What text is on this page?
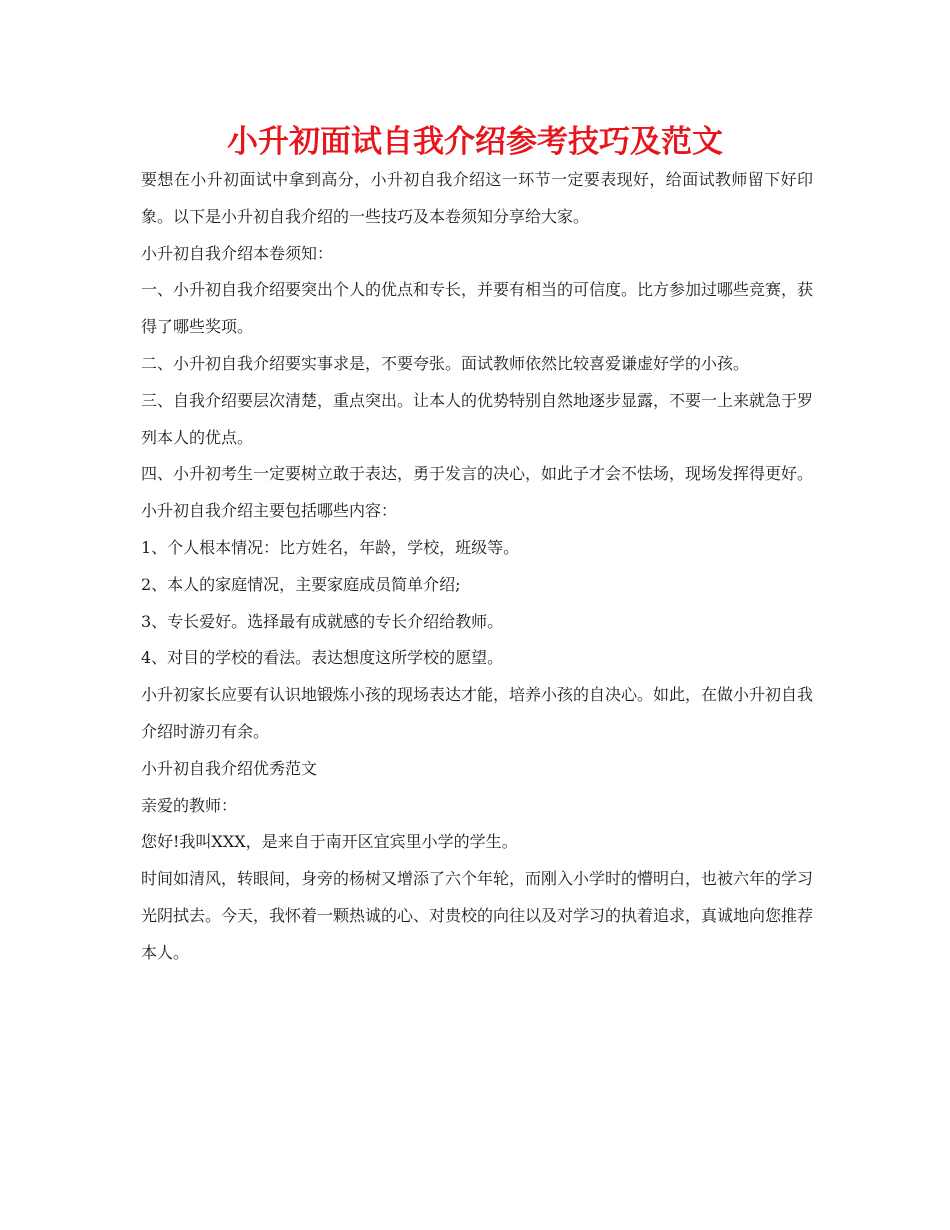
小升初面试自我介绍参考技巧及范文

要想在小升初面试中拿到高分，小升初自我介绍这一环节一定要表现好，给面试教师留下好印象。以下是小升初自我介绍的一些技巧及本卷须知分享给大家。

小升初自我介绍本卷须知：

一、小升初自我介绍要突出个人的优点和专长，并要有相当的可信度。比方参加过哪些竞赛，获得了哪些奖项。

二、小升初自我介绍要实事求是，不要夸张。面试教师依然比较喜爱谦虚好学的小孩。

三、自我介绍要层次清楚，重点突出。让本人的优势特别自然地逐步显露，不要一上来就急于罗列本人的优点。

四、小升初考生一定要树立敢于表达，勇于发言的决心，如此子才会不怯场，现场发挥得更好。

小升初自我介绍主要包括哪些内容：

1、个人根本情况：比方姓名，年龄，学校，班级等。

2、本人的家庭情况，主要家庭成员简单介绍;

3、专长爱好。选择最有成就感的专长介绍给教师。

4、对目的学校的看法。表达想度这所学校的愿望。

小升初家长应要有认识地锻炼小孩的现场表达才能，培养小孩的自决心。如此，在做小升初自我介绍时游刃有余。

小升初自我介绍优秀范文

亲爱的教师：

您好!我叫XXX，是来自于南开区宜宾里小学的学生。

时间如清风，转眼间，身旁的杨树又增添了六个年轮，而刚入小学时的懵明白，也被六年的学习光阴拭去。今天，我怀着一颗热诚的心、对贵校的向往以及对学习的执着追求，真诚地向您推荐本人。
